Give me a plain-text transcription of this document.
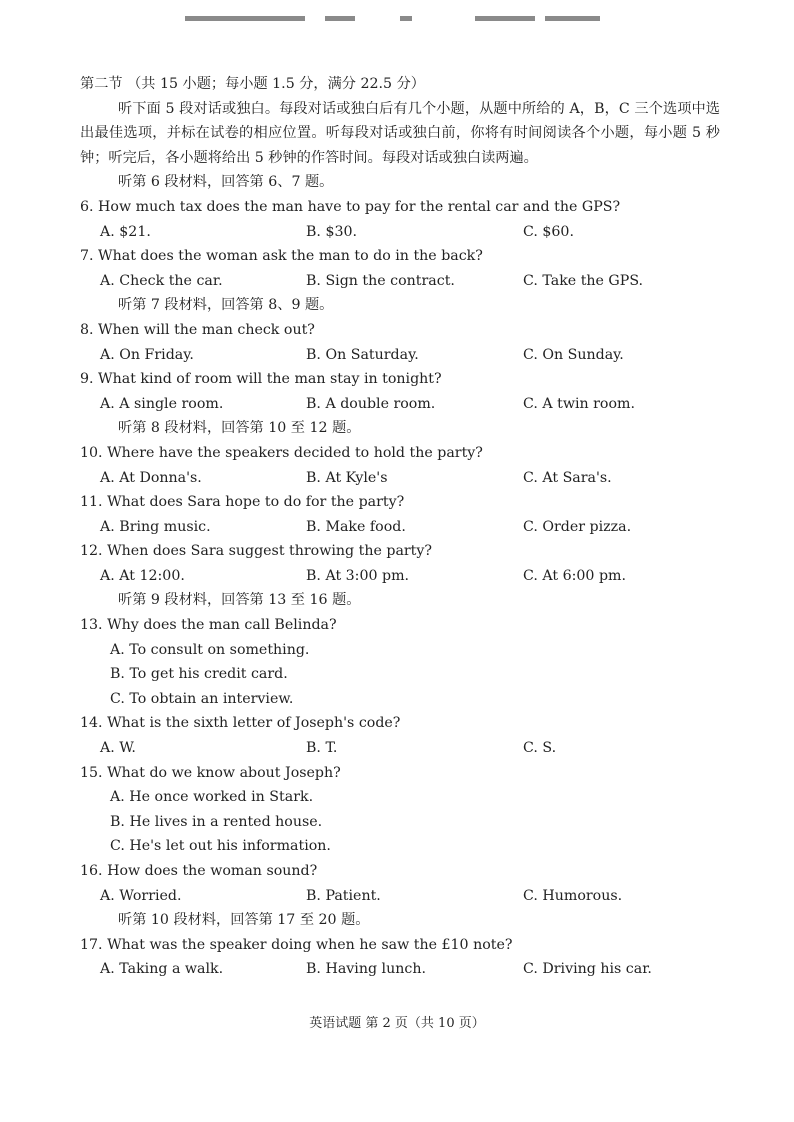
第二节 （共 15 小题；每小题 1.5 分，满分 22.5 分）
听下面 5 段对话或独白。每段对话或独白后有几个小题，从题中所给的 A，B，C 三个选项中选出最佳选项，并标在试卷的相应位置。听每段对话或独白前，你将有时间阅读各个小题，每小题 5 秒钟；听完后，各小题将给出 5 秒钟的作答时间。每段对话或独白读两遍。
听第 6 段材料，回答第 6、7 题。
6. How much tax does the man have to pay for the rental car and the GPS?
A. $21.	B. $30.	C. $60.
7. What does the woman ask the man to do in the back?
A. Check the car.	B. Sign the contract.	C. Take the GPS.
听第 7 段材料，回答第 8、9 题。
8. When will the man check out?
A. On Friday.	B. On Saturday.	C. On Sunday.
9. What kind of room will the man stay in tonight?
A. A single room.	B. A double room.	C. A twin room.
听第 8 段材料，回答第 10 至 12 题。
10. Where have the speakers decided to hold the party?
A. At Donna's.	B. At Kyle's	C. At Sara's.
11. What does Sara hope to do for the party?
A. Bring music.	B. Make food.	C. Order pizza.
12. When does Sara suggest throwing the party?
A. At 12:00.	B. At 3:00 pm.	C. At 6:00 pm.
听第 9 段材料，回答第 13 至 16 题。
13. Why does the man call Belinda?
A. To consult on something.
B. To get his credit card.
C. To obtain an interview.
14. What is the sixth letter of Joseph's code?
A. W.	B. T.	C. S.
15. What do we know about Joseph?
A. He once worked in Stark.
B. He lives in a rented house.
C. He's let out his information.
16. How does the woman sound?
A. Worried.	B. Patient.	C. Humorous.
听第 10 段材料，回答第 17 至 20 题。
17. What was the speaker doing when he saw the £10 note?
A. Taking a walk.	B. Having lunch.	C. Driving his car.
英语试题 第 2 页（共 10 页）
